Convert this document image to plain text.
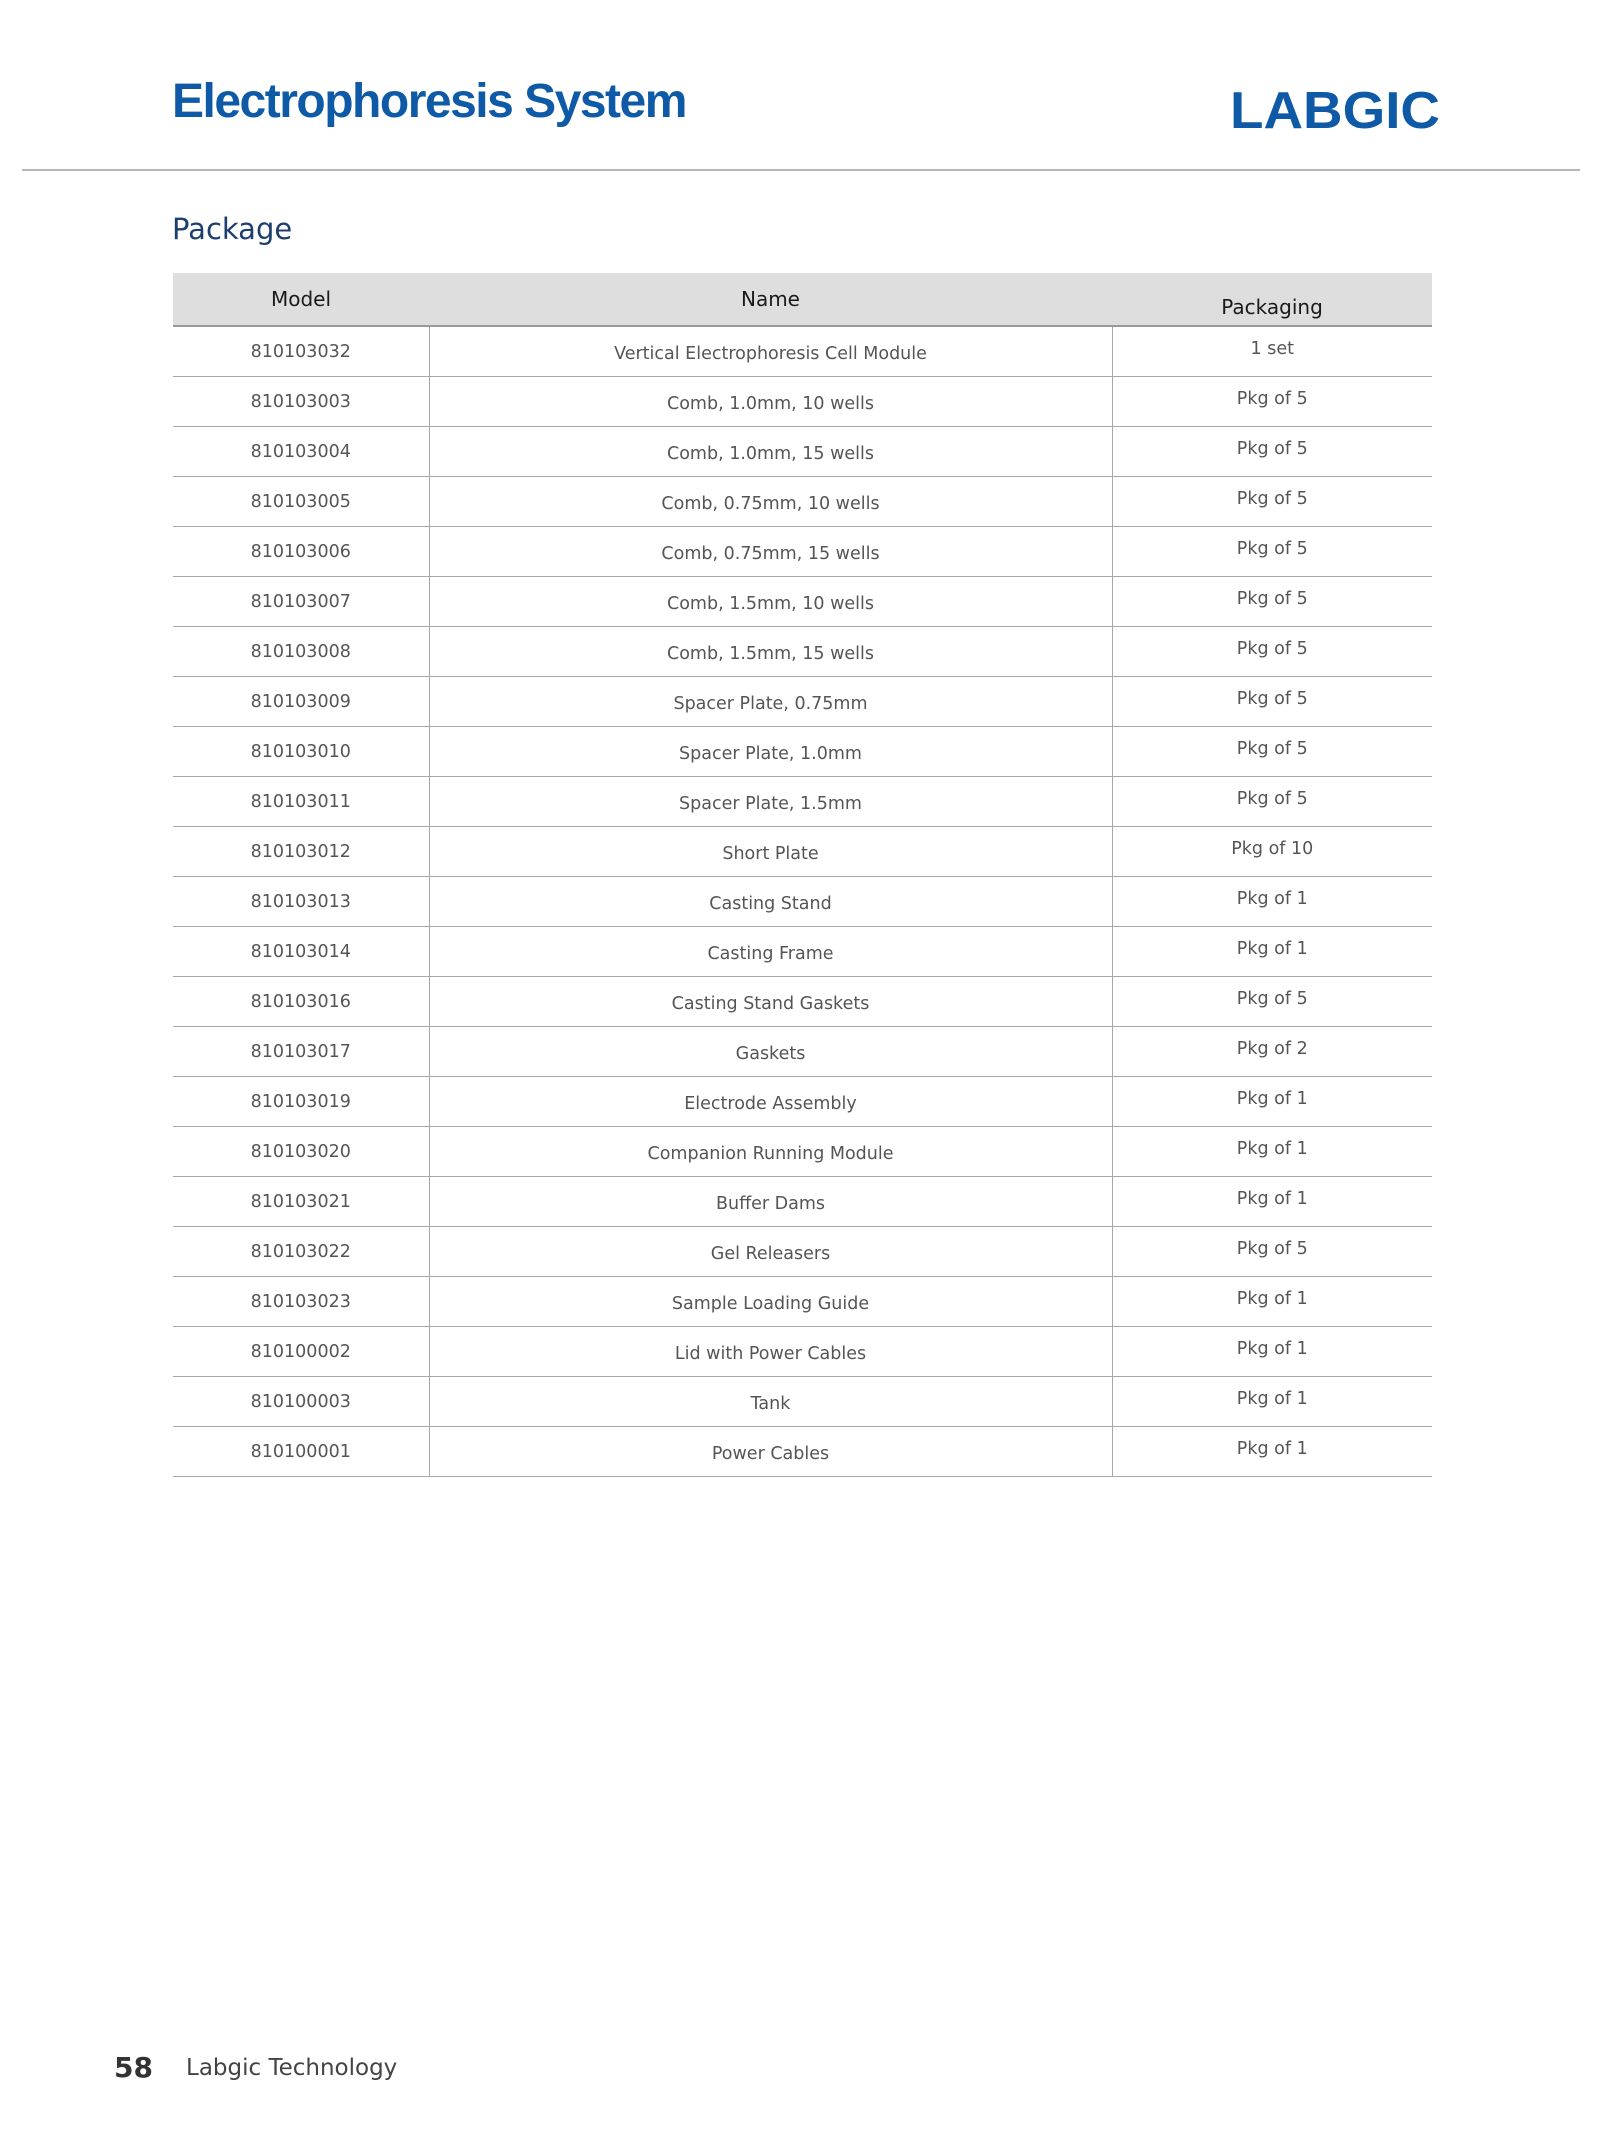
Electrophoresis System	LABGIC
Package
Model	Name	Packaging
810103032	Vertical Electrophoresis Cell Module	1 set
810103003	Comb, 1.0mm, 10 wells	Pkg of 5
810103004	Comb, 1.0mm, 15 wells	Pkg of 5
810103005	Comb, 0.75mm, 10 wells	Pkg of 5
810103006	Comb, 0.75mm, 15 wells	Pkg of 5
810103007	Comb, 1.5mm, 10 wells	Pkg of 5
810103008	Comb, 1.5mm, 15 wells	Pkg of 5
810103009	Spacer Plate, 0.75mm	Pkg of 5
810103010	Spacer Plate, 1.0mm	Pkg of 5
810103011	Spacer Plate, 1.5mm	Pkg of 5
810103012	Short Plate	Pkg of 10
810103013	Casting Stand	Pkg of 1
810103014	Casting Frame	Pkg of 1
810103016	Casting Stand Gaskets	Pkg of 5
810103017	Gaskets	Pkg of 2
810103019	Electrode Assembly	Pkg of 1
810103020	Companion Running Module	Pkg of 1
810103021	Buffer Dams	Pkg of 1
810103022	Gel Releasers	Pkg of 5
810103023	Sample Loading Guide	Pkg of 1
810100002	Lid with Power Cables	Pkg of 1
810100003	Tank	Pkg of 1
810100001	Power Cables	Pkg of 1
58 Labgic Technology
